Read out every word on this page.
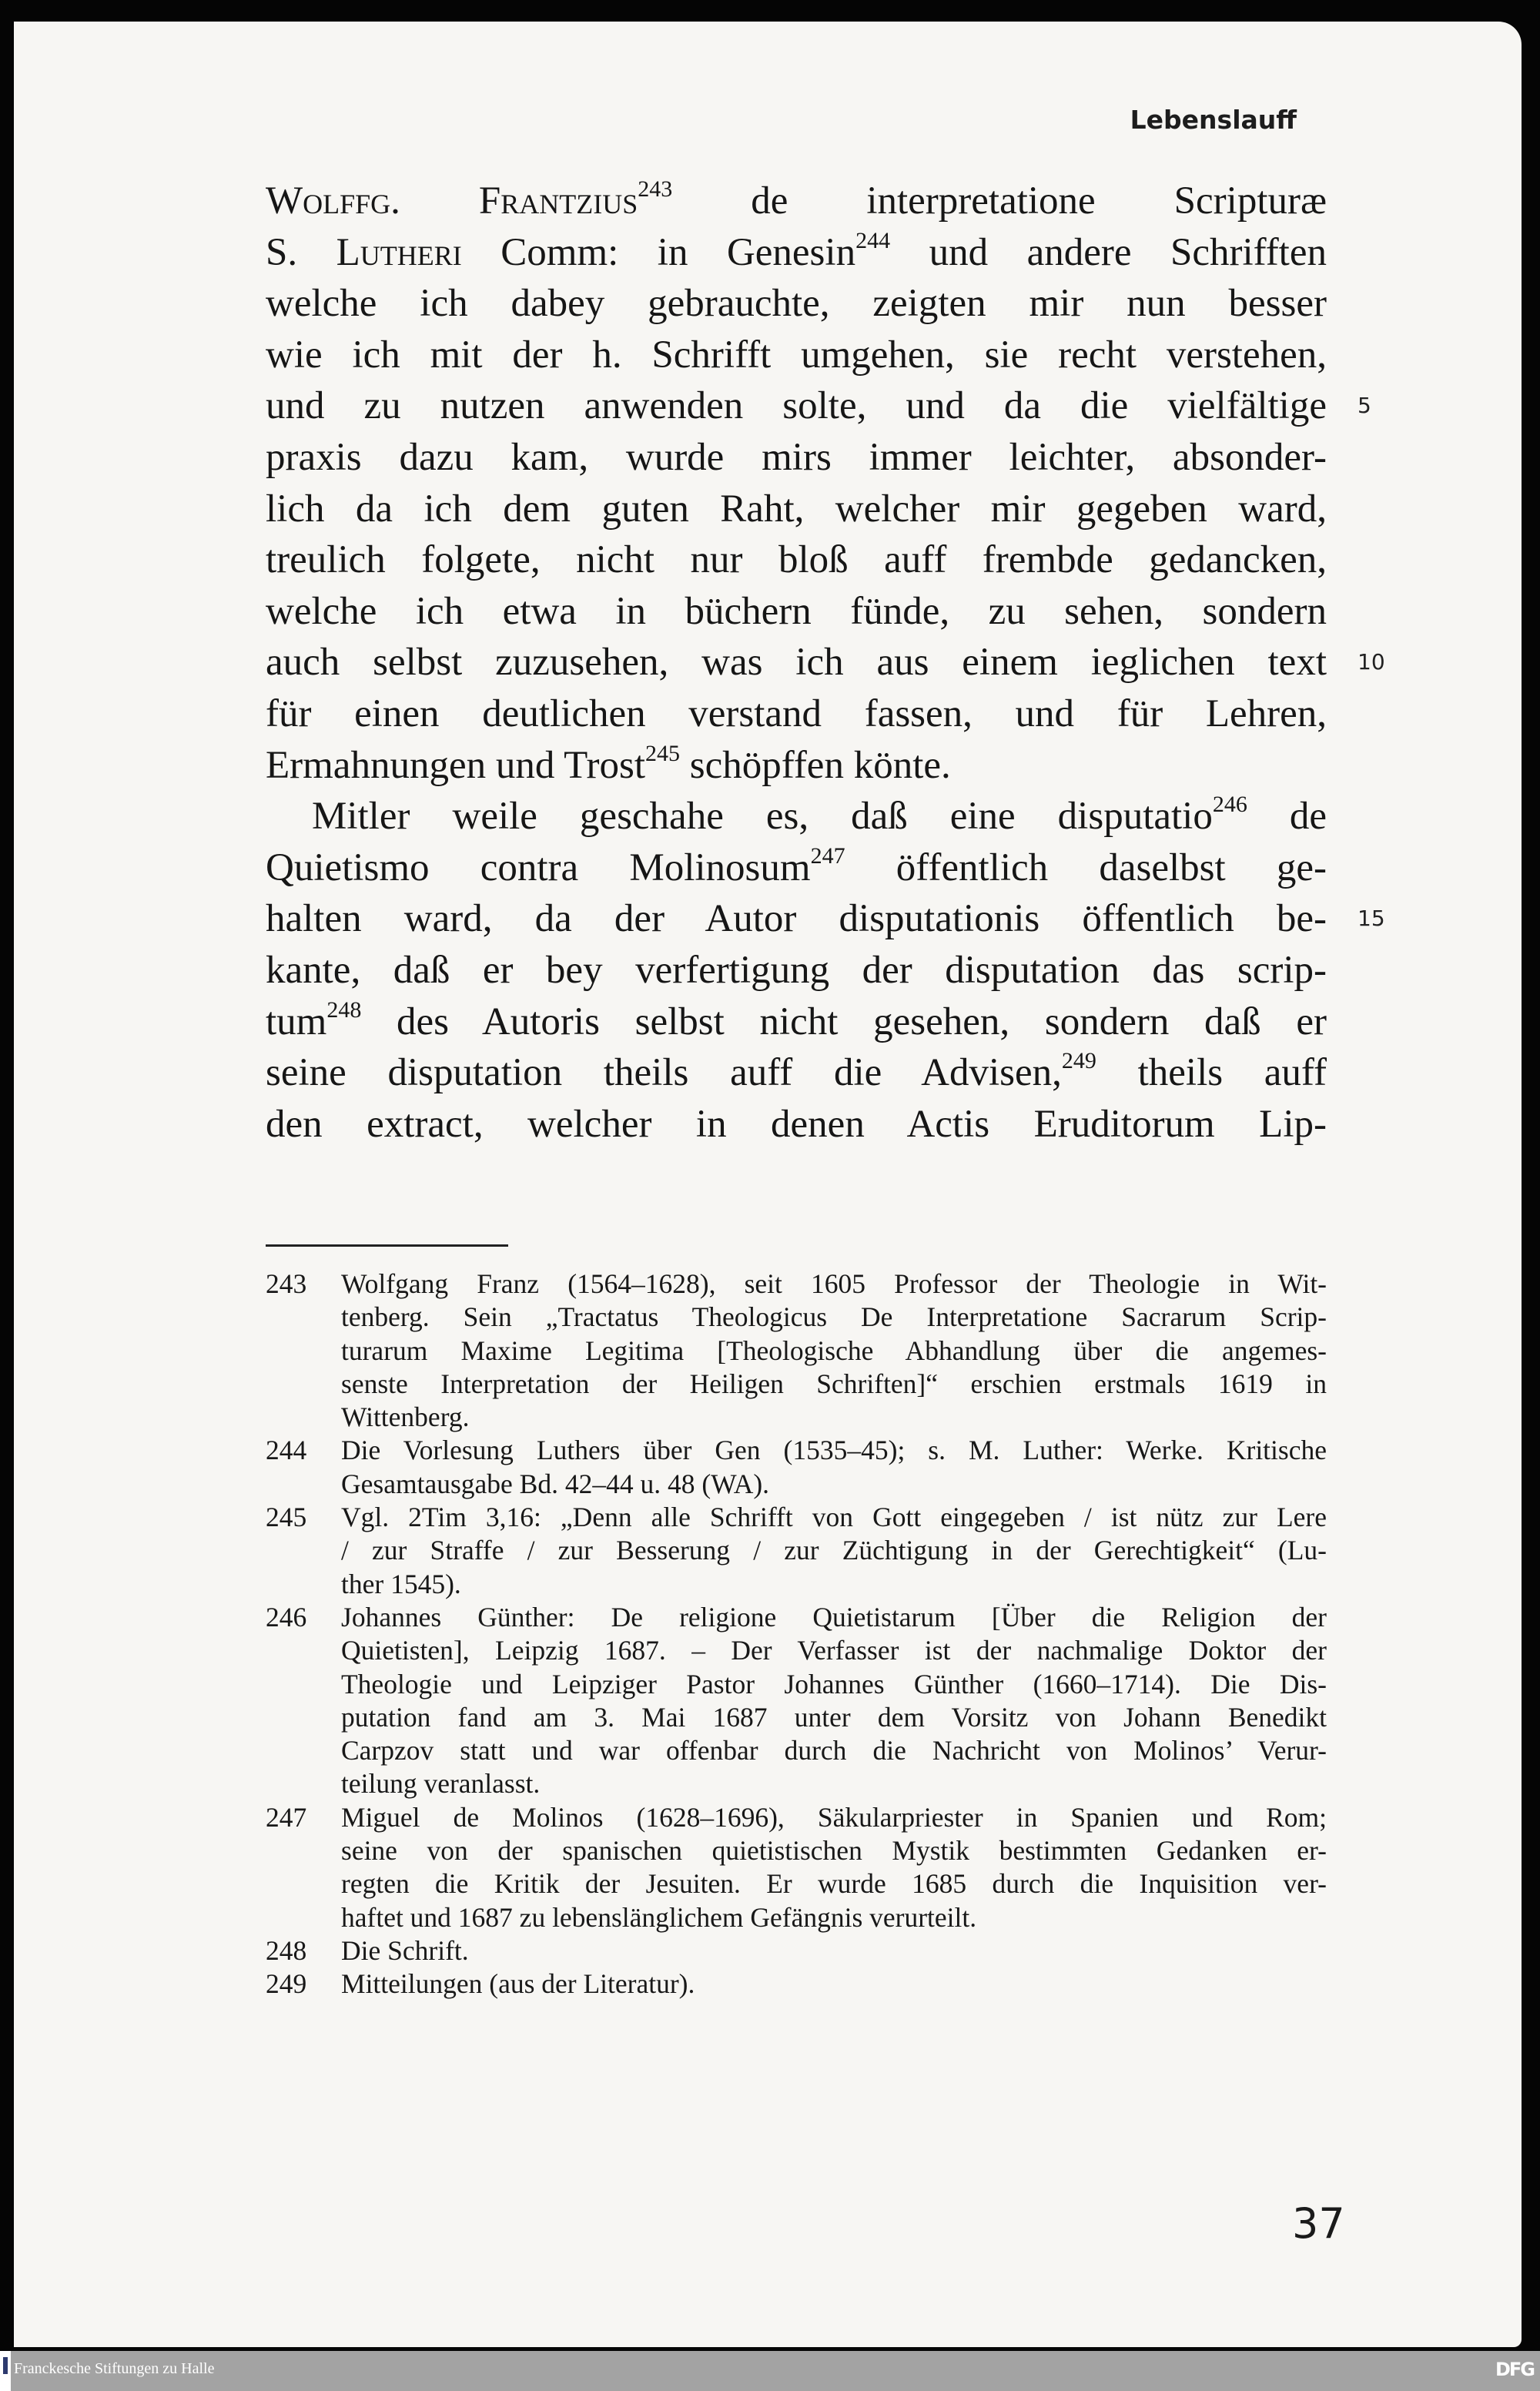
Lebenslauff
Wolffg. Frantzius$^{243}$ de interpretatione Scripturæ
S. Lutheri Comm: in Genesin$^{244}$ und andere Schrifften
welche ich dabey gebrauchte, zeigten mir nun besser
wie ich mit der h. Schrifft umgehen, sie recht verstehen,
und zu nutzen anwenden solte, und da die vielfältige 5
praxis dazu kam, wurde mirs immer leichter, absonder-
lich da ich dem guten Raht, welcher mir gegeben ward,
treulich folgete, nicht nur bloß auff frembde gedancken,
welche ich etwa in büchern fünde, zu sehen, sondern
auch selbst zuzusehen, was ich aus einem ieglichen text 10
für einen deutlichen verstand fassen, und für Lehren,
Ermahnungen und Trost$^{245}$ schöpffen könte.
Mitler weile geschahe es, daß eine disputatio$^{246}$ de
Quietismo contra Molinosum$^{247}$ öffentlich daselbst ge-
halten ward, da der Autor disputationis öffentlich be- 15
kante, daß er bey verfertigung der disputation das scrip-
tum$^{248}$ des Autoris selbst nicht gesehen, sondern daß er
seine disputation theils auff die Advisen,$^{249}$ theils auff
den extract, welcher in denen Actis Eruditorum Lip-
243	Wolfgang Franz (1564–1628), seit 1605 Professor der Theologie in Wit-
tenberg. Sein „Tractatus Theologicus De Interpretatione Sacrarum Scrip-
turarum Maxime Legitima [Theologische Abhandlung über die angemes-
senste Interpretation der Heiligen Schriften]“ erschien erstmals 1619 in
Wittenberg.
244	Die Vorlesung Luthers über Gen (1535–45); s. M. Luther: Werke. Kritische
Gesamtausgabe Bd. 42–44 u. 48 (WA).
245	Vgl. 2Tim 3,16: „Denn alle Schrifft von Gott eingegeben / ist nütz zur Lere
/ zur Straffe / zur Besserung / zur Züchtigung in der Gerechtigkeit“ (Lu-
ther 1545).
246	Johannes Günther: De religione Quietistarum [Über die Religion der
Quietisten], Leipzig 1687. – Der Verfasser ist der nachmalige Doktor der
Theologie und Leipziger Pastor Johannes Günther (1660–1714). Die Dis-
putation fand am 3. Mai 1687 unter dem Vorsitz von Johann Benedikt
Carpzov statt und war offenbar durch die Nachricht von Molinos’ Verur-
teilung veranlasst.
247	Miguel de Molinos (1628–1696), Säkularpriester in Spanien und Rom;
seine von der spanischen quietistischen Mystik bestimmten Gedanken er-
regten die Kritik der Jesuiten. Er wurde 1685 durch die Inquisition ver-
haftet und 1687 zu lebenslänglichem Gefängnis verurteilt.
248	Die Schrift.
249	Mitteilungen (aus der Literatur).
37
Franckesche Stiftungen zu Halle	DFG
